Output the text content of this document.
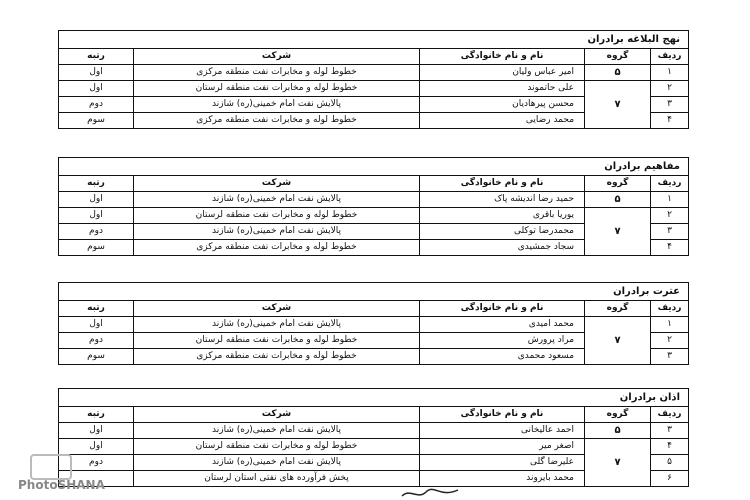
نهج البلاغه برادران				
ردیف	گروه	نام و نام خانوادگی	شرکت	رتبه
۱	۵	امیر عباس ولیان	خطوط لوله و مخابرات نفت منطقه مرکزی	اول
۲	۷	علی حاتموند	خطوط لوله و مخابرات نفت منطقه لرستان	اول
۳		محسن پیرهادیان	پالایش نفت امام خمینی(ره) شازند	دوم
۴		محمد رضایی	خطوط لوله و مخابرات نفت منطقه مرکزی	سوم
مفاهیم برادران				
ردیف	گروه	نام و نام خانوادگی	شرکت	رتبه
۱	۵	حمید رضا اندیشه پاک	پالایش نفت امام خمینی(ره) شازند	اول
۲	۷	یوریا باقری	خطوط لوله و مخابرات نفت منطقه لرستان	اول
۳		محمدرضا توکلی	پالایش نفت امام خمینی(ره) شازند	دوم
۴		سجاد جمشیدی	خطوط لوله و مخابرات نفت منطقه مرکزی	سوم
عترت برادران				
ردیف	گروه	نام و نام خانوادگی	شرکت	رتبه
۱	۷	محمد امیدی	پالایش نفت امام خمینی(ره) شازند	اول
۲		مراد پرورش	خطوط لوله و مخابرات نفت منطقه لرستان	دوم
۳		مسعود محمدی	خطوط لوله و مخابرات نفت منطقه مرکزی	سوم
اذان برادران				
ردیف	گروه	نام و نام خانوادگی	شرکت	رتبه
۳	۵	احمد عالیخانی	پالایش نفت امام خمینی(ره) شازند	اول
۴	۷	اصغر میر	خطوط لوله و مخابرات نفت منطقه لرستان	اول
۵		علیرضا گلی	پالایش نفت امام خمینی(ره) شازند	دوم
۶		محمد بایروند	پخش فرآورده های نفتی استان لرستان	
PhotoSHANA
